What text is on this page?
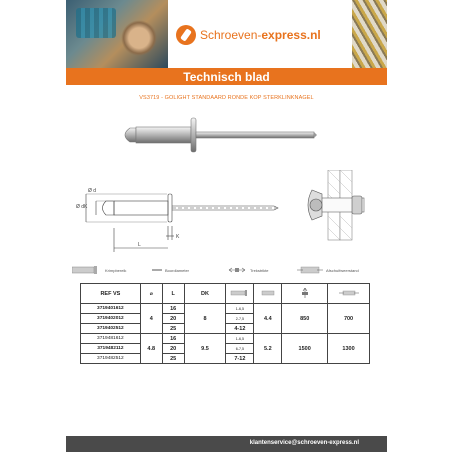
Schroeven-express.nl
Technisch blad
VS3719 - GOLIGHT STANDAARD RONDE KOP STERKLINKNAGEL
Ø d
Ø dK
K
L
Krimpbereik	Boordiameter	Trekstrikte	Afschuifweerstand
REF VS	Ø	L	DK				
3719401612	4	16	8	1-6,5	4.4	850	700
3719402012		20		2-7,5			
3719402512		25		4-12			
3719481612	4.8	16	9.5	1-6,5	5.2	1500	1300
3719482112		20		6-7,5			
3719482512		25		7-12			
klantenservice@schroeven-express.nl
